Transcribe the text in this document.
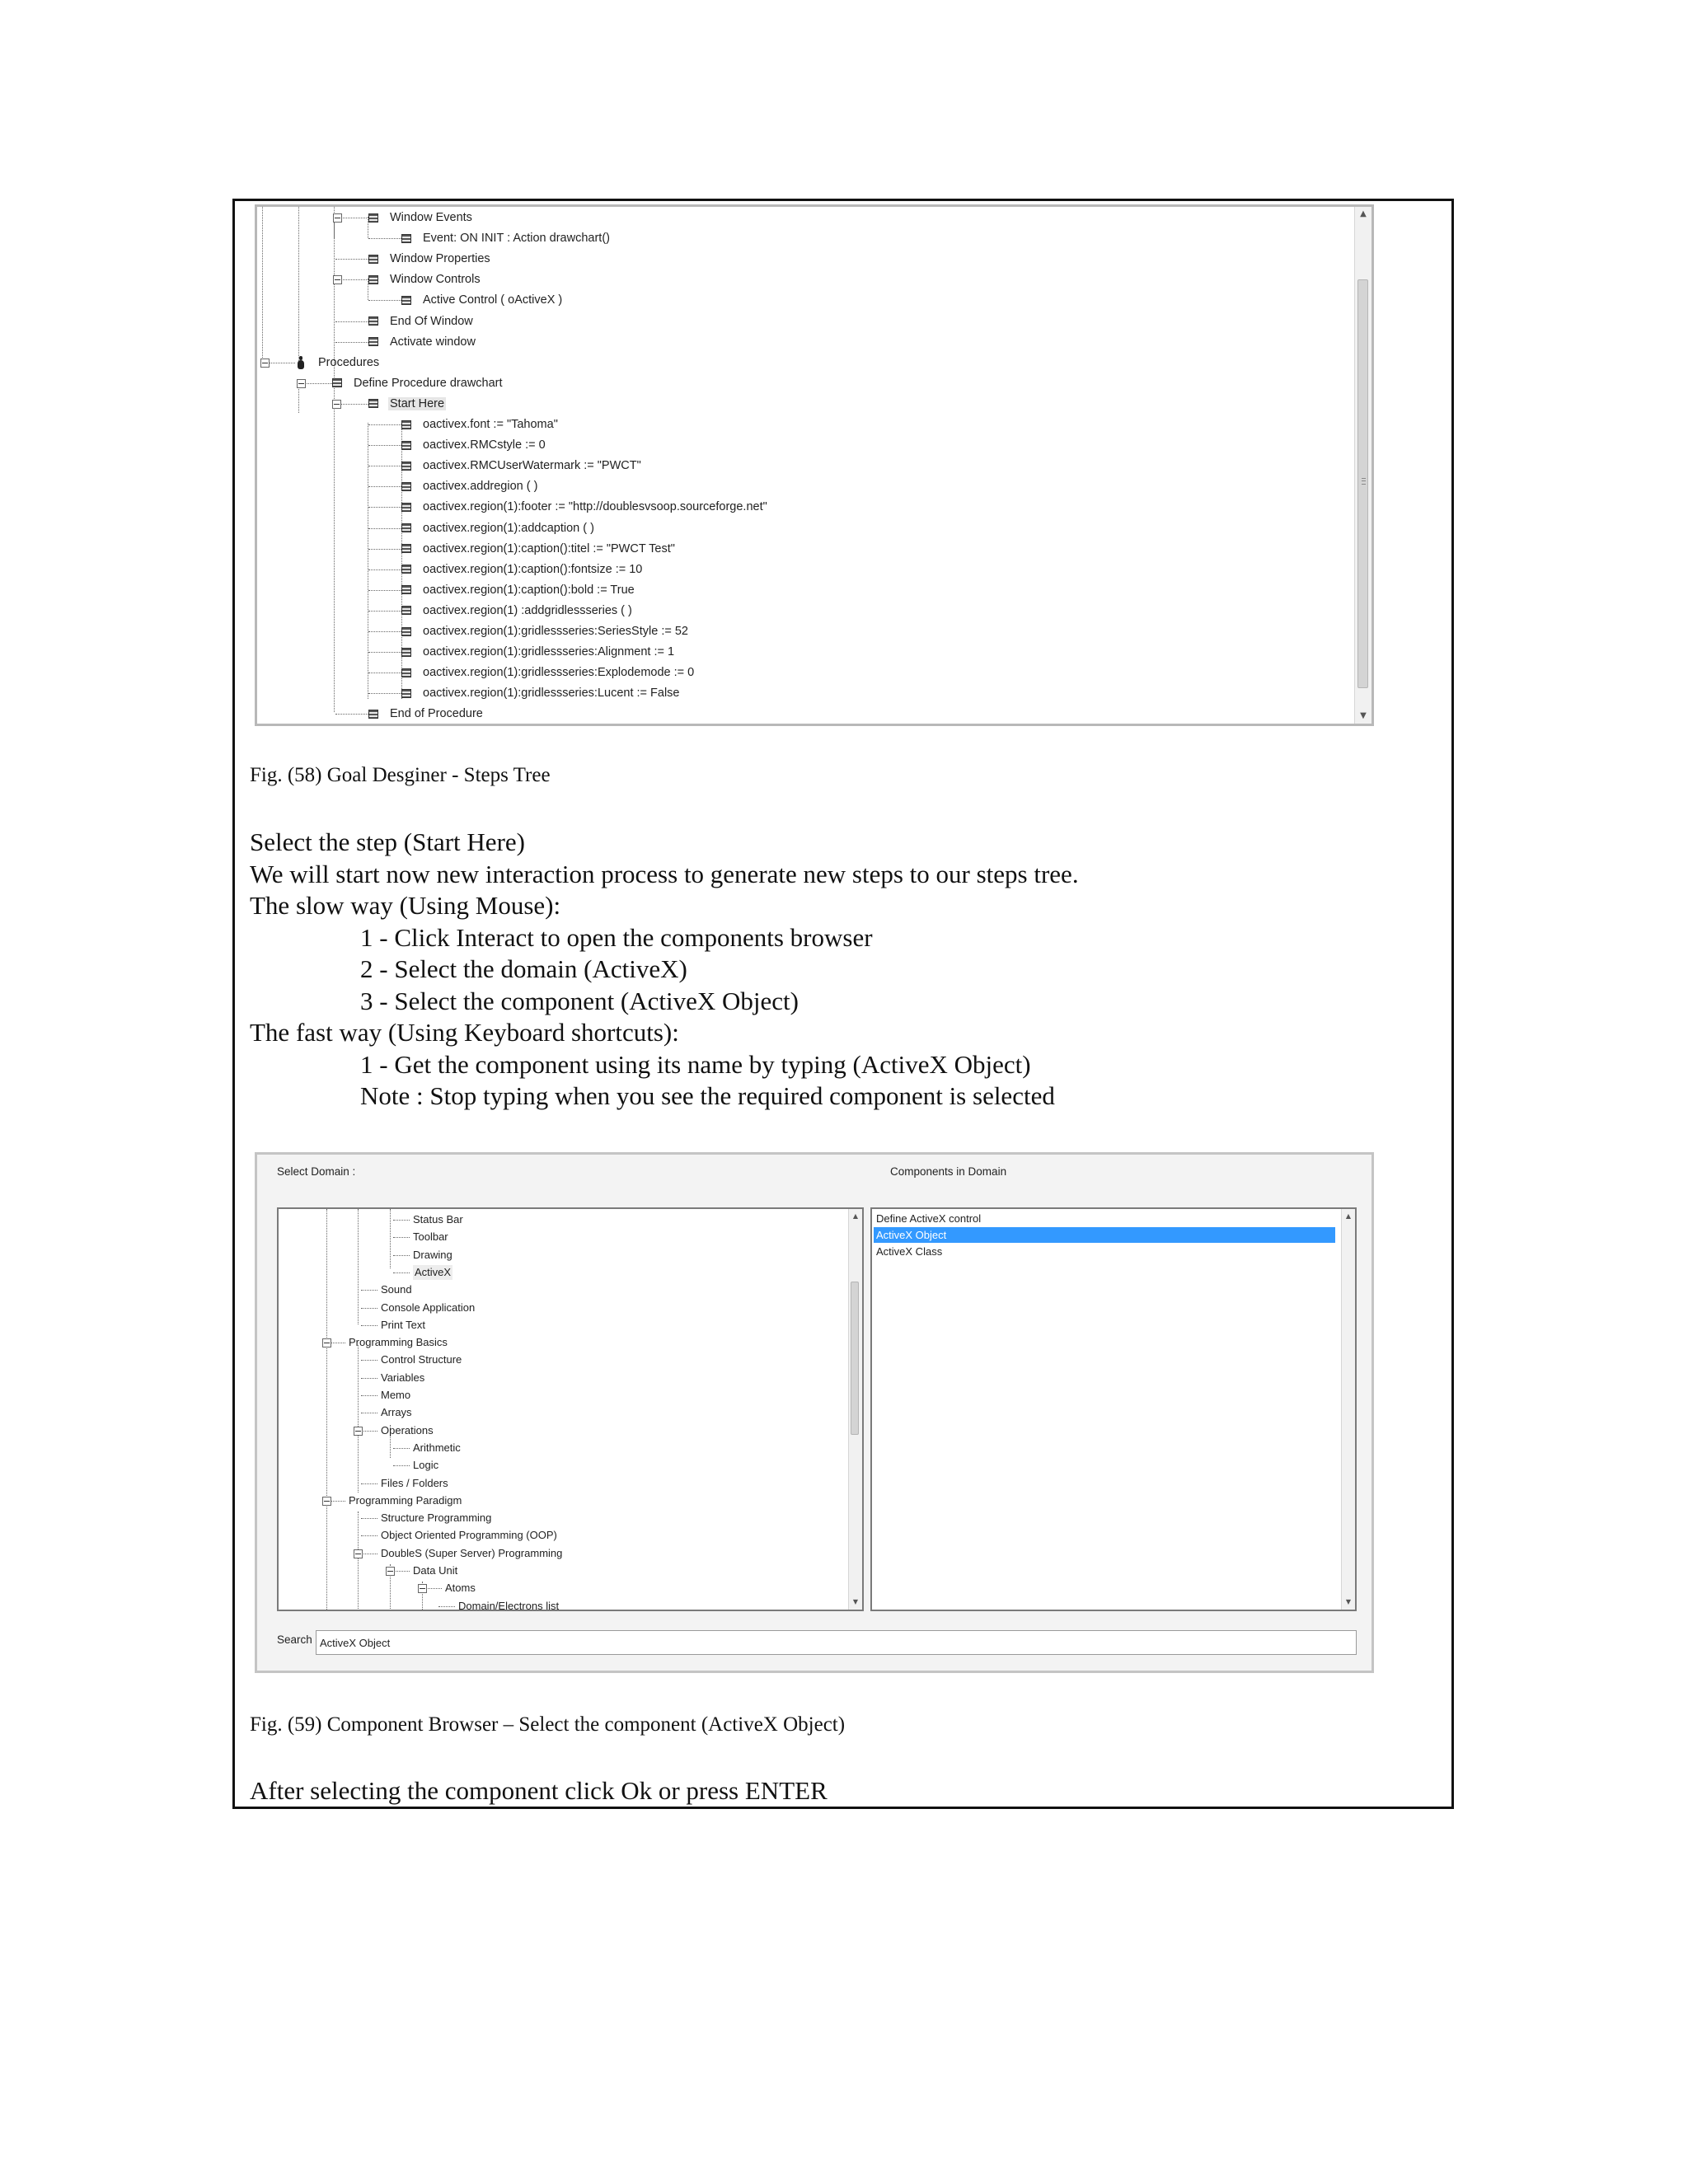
Window Events
Event: ON INIT : Action drawchart()
Window Properties
Window Controls
Active Control ( oActiveX )
End Of Window
Activate window
Procedures
Define Procedure drawchart
Start Here
oactivex.font := "Tahoma"
oactivex.RMCstyle := 0
oactivex.RMCUserWatermark := "PWCT"
oactivex.addregion ( )
oactivex.region(1):footer := "http://doublesvsoop.sourceforge.net"
oactivex.region(1):addcaption ( )
oactivex.region(1):caption():titel := "PWCT Test"
oactivex.region(1):caption():fontsize := 10
oactivex.region(1):caption():bold := True
oactivex.region(1) :addgridlessseries ( )
oactivex.region(1):gridlessseries:SeriesStyle := 52
oactivex.region(1):gridlessseries:Alignment := 1
oactivex.region(1):gridlessseries:Explodemode := 0
oactivex.region(1):gridlessseries:Lucent := False
End of Procedure
▲
▼
Fig. (58) Goal Desginer - Steps Tree
Select the step (Start Here)
We will start now new interaction process to generate new steps to our steps tree.
The slow way (Using Mouse):
1 - Click Interact to open the components browser
2 - Select the domain (ActiveX)
3 - Select the component (ActiveX Object)
The fast way (Using Keyboard shortcuts):
1 - Get the component using its name by typing (ActiveX Object)
Note : Stop typing when you see the required component is selected
Select Domain :	Components in Domain
▲
▼
Status Bar
Toolbar
Drawing
ActiveX
Sound
Console Application
Print Text
Programming Basics
Control Structure
Variables
Memo
Arrays
Operations
Arithmetic
Logic
Files / Folders
Programming Paradigm
Structure Programming
Object Oriented Programming (OOP)
DoubleS (Super Server) Programming
Data Unit
Atoms
Domain/Electrons list
▲
▼
Define ActiveX control
ActiveX Object
ActiveX Class
Search
ActiveX Object
Fig. (59) Component Browser – Select the component (ActiveX Object)
After selecting the component click Ok or press ENTER
